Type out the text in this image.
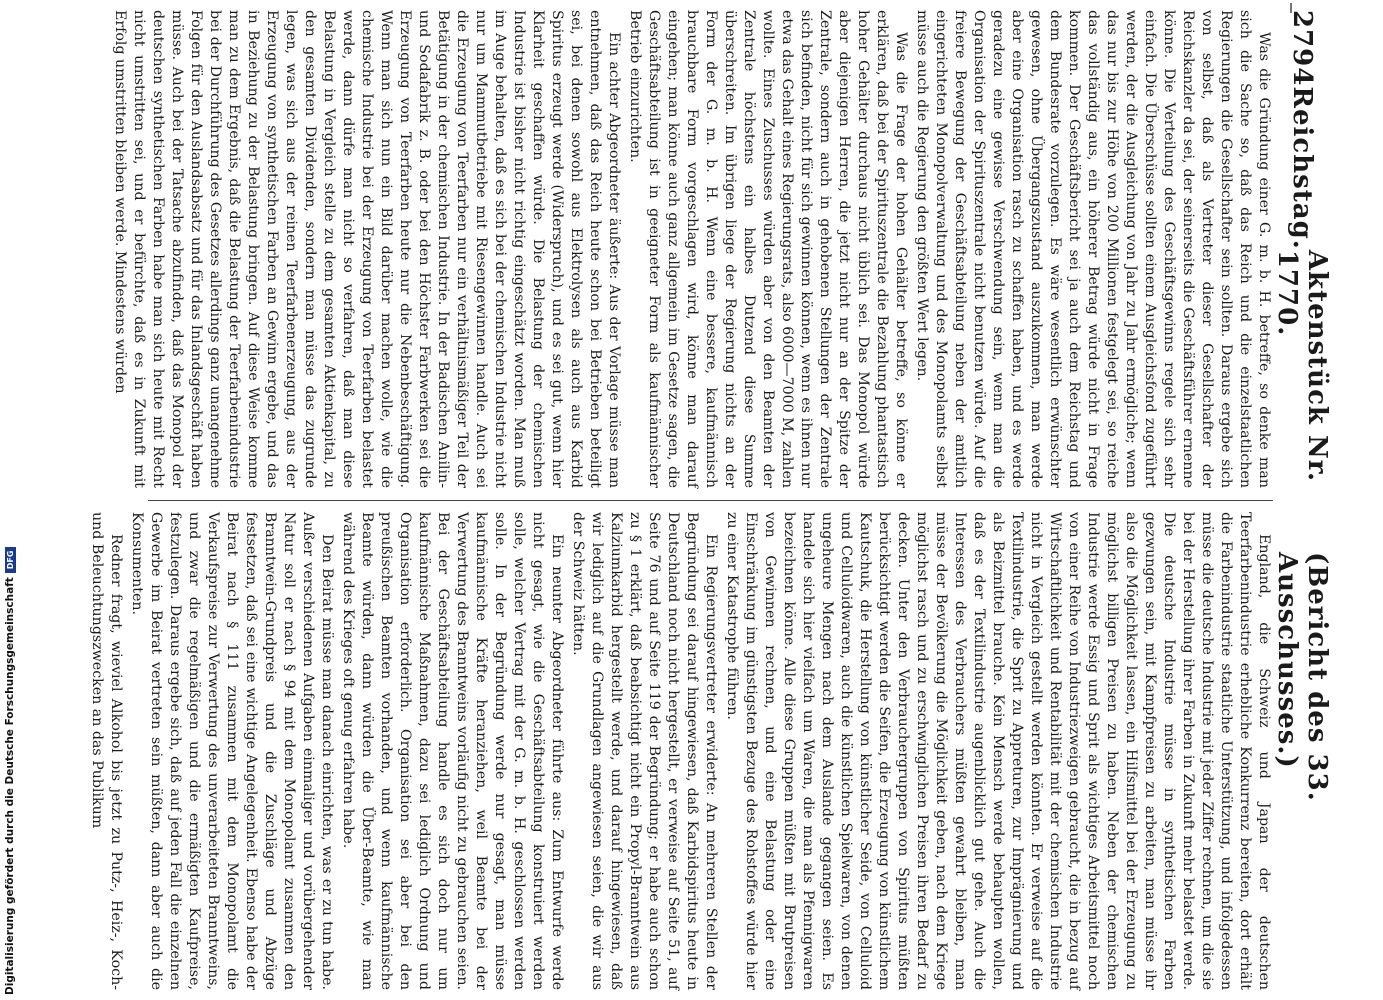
2794
Reichstag.
Aktenstück Nr. 1770.
(Bericht des 33. Ausschusses.)

Was die Gründung einer G. m. b. H. betreffe, so denke man sich die Sache so, daß das Reich und die einzelstaatlichen Regierungen die Gesellschafter sein sollten. Daraus ergebe sich von selbst, daß als Vertreter dieser Gesellschafter der Reichskanzler da sei, der seinerseits die Geschäftsführer ernenne könne. Die Verteilung des Geschäftsgewinns regele sich sehr einfach. Die Überschüsse sollten einem Ausgleichsfond zugeführt werden, der die Ausgleichung von Jahr zu Jahr ermögliche; wenn das nur bis zur Höhe von 200 Millionen festgelegt sei, so reiche das vollständig aus, ein höherer Betrag würde nicht in Frage kommen. Der Geschäftsbericht sei ja auch dem Reichstag und dem Bundesrate vorzulegen. Es wäre wesentlich erwünschter gewesen, ohne Übergangszustand auszukommen, man werde aber eine Organisation rasch zu schaffen haben, und es werde geradezu eine gewisse Verschwendung sein, wenn man die Organisation der Spirituszentrale nicht benutzen würde. Auf die freiere Bewegung der Geschäftsabteilung neben der amtlich eingerichteten Monopolverwaltung und des Monopolamts selbst müsse auch die Regierung den größten Wert legen.

Was die Frage der hohen Gehälter betreffe, so könne er erklären, daß bei der Spirituszentrale die Bezahlung phantastisch hoher Gehälter durchaus nicht üblich sei. Das Monopol würde aber diejenigen Herren, die jetzt nicht nur an der Spitze der Zentrale, sondern auch in gehobenen Stellungen der Zentrale sich befinden, nicht für sich gewinnen können, wenn es ihnen nur etwa das Gehalt eines Regierungsrats, also 6000—7000 M, zahlen wollte. Eines Zuschusses würden aber von den Beamten der Zentrale höchstens ein halbes Dutzend diese Summe überschreiten. Im übrigen liege der Regierung nichts an der Form der G. m. b. H. Wenn eine bessere, kaufmännisch brauchbare Form vorgeschlagen wird, könne man darauf eingehen; man könne auch ganz allgemein im Gesetze sagen, die Geschäftsabteilung ist in geeigneter Form als kaufmännischer Betrieb einzurichten.

Ein achter Abgeordneter äußerte: Aus der Vorlage müsse man entnehmen, daß das Reich heute schon bei Betrieben beteiligt sei, bei denen sowohl aus Elektrolysen als auch aus Karbid Spiritus erzeugt werde (Widerspruch), und es sei gut, wenn hier Klarheit geschaffen würde. Die Belastung der chemischen Industrie ist bisher nicht richtig eingeschätzt worden. Man muß im Auge behalten, daß es sich bei der chemischen Industrie nicht nur um Mammutbetriebe mit Riesengewinnen handle. Auch sei die Erzeugung von Teerfarben nur ein verhältnismäßiger Teil der Betätigung in der chemischen Industrie. In der Badischen Anilin- und Sodafabrik z. B. oder bei den Höchster Farbwerken sei die Erzeugung von Teerfarben heute nur die Nebenbeschäftigung. Wenn man sich nun ein Bild darüber machen wolle, wie die chemische Industrie bei der Erzeugung von Teerfarben belastet werde, dann dürfe man nicht so verfahren, daß man diese Belastung in Vergleich stelle zu dem gesamten Aktienkapital, zu den gesamten Dividenden, sondern man müsse das zugrunde legen, was sich aus der reinen Teerfarbenerzeugung, aus der Erzeugung von synthetischen Farben an Gewinn ergebe, und das in Beziehung zu der Belastung bringen. Auf diese Weise komme man zu dem Ergebnis, daß die Belastung der Teerfarbenindustrie bei der Durchführung des Gesetzes allerdings ganz unangenehme Folgen für den Auslandsabsatz und für das Inlandsgeschäft haben müsse. Auch bei der Tatsache abzufinden, daß das Monopol der deutschen synthetischen Farben habe man sich heute mit Recht nicht umstritten sei, und er befürchte, daß es in Zukunft mit Erfolg umstritten bleiben werde. Mindestens würden

England, die Schweiz und Japan der deutschen Teerfarbenindustrie erhebliche Konkurrenz bereiten, dort erhält die Farbenindustrie staatliche Unterstützung, und infolgedessen müsse die deutsche Industrie mit jeder Ziffer rechnen, um die sie bei der Herstellung ihrer Farben in Zukunft mehr belastet werde. Die deutsche Industrie müsse in synthetischen Farben gezwungen sein, mit Kampfpreisen zu arbeiten, man müsse ihr also die Möglichkeit lassen, ein Hilfsmittel bei der Erzeugung zu möglichst billigen Preisen zu haben. Neben der chemischen Industrie werde Essig und Sprit als wichtiges Arbeitsmittel noch von einer Reihe von Industriezweigen gebraucht, die in bezug auf Wirtschaftlichkeit und Rentabilität mit der chemischen Industrie nicht in Vergleich gestellt werden könnten. Er verweise auf die Textilindustrie, die Sprit zu Appreturen, zur Imprägnierung und als Beizmittel brauche. Kein Mensch werde behaupten wollen, daß es der Textilindustrie augenblicklich gut gehe. Auch die Interessen des Verbrauchers müßten gewahrt bleiben, man müsse der Bevölkerung die Möglichkeit geben, nach dem Kriege möglichst rasch und zu erschwinglichen Preisen ihren Bedarf zu decken. Unter den Verbrauchergruppen von Spiritus müßten berücksichtigt werden die Seifen, die Erzeugung von künstlichem Kautschuk, die Herstellung von künstlicher Seide, von Celluloid und Celluloidwaren, auch die künstlichen Spielwaren, von denen ungeheure Mengen nach dem Auslande gegangen seien. Es handele sich hier vielfach um Waren, die man als Pfennigwaren bezeichnen könne. Alle diese Gruppen müßten mit Brutpreisen von Gewinnen rechnen, und eine Belastung oder eine Einschränkung im günstigsten Bezuge des Rohstoffes würde hier zu einer Katastrophe führen.

Ein Regierungsvertreter erwiderte: An mehreren Stellen der Begründung sei darauf hingewiesen, daß Karbidspiritus heute in Deutschland noch nicht hergestellt, er verweise auf Seite 51, auf Seite 76 und auf Seite 119 der Begründung; er habe auch schon zu § 1 erklärt, daß beabsichtigt nicht ein Propyl-Branntwein aus Kalziumkarbid hergestellt werde, und darauf hingewiesen, daß wir lediglich auf die Grundlagen angewiesen seien, die wir aus der Schweiz hätten.

Ein neunter Abgeordneter führte aus: Zum Entwurfe werde nicht gesagt, wie die Geschäftsabteilung konstruiert werden solle, welcher Vertrag mit der G. m. b. H. geschlossen werden solle. In der Begründung werde nur gesagt, man müsse kaufmännische Kräfte heranziehen, weil Beamte bei der Verwertung des Branntweins vorläufig nicht zu gebrauchen seien. Bei der Geschäftsabteilung handle es sich doch nur um kaufmännische Maßnahmen, dazu sei lediglich Ordnung und Organisation erforderlich. Organisation sei aber bei den preußischen Beamten vorhanden, und wenn kaufmännische Beamte würden, dann würden die Über-Beamte, wie man während des Krieges oft genug erfahren habe.

Den Beirat müsse man danach einrichten, was er zu tun habe. Außer verschiedenen Aufgaben einmaliger und vorübergehender Natur soll er nach § 94 mit dem Monopolamt zusammen den Branntwein-Grundpreis und die Zuschläge und Abzüge festsetzen, daß sei eine wichtige Angelegenheit. Ebenso habe der Beirat nach § 111 zusammen mit dem Monopolamt die Verkaufspreise zur Verwertung des unverarbeiteten Branntweins, und zwar die regelmäßigen und die ermäßigten Kaufpreise, festzulegen. Daraus ergebe sich, daß auf jeden Fall die einzelnen Gewerbe im Beirat vertreten sein müßten, dann aber auch die Konsumenten.

Redner fragt, wieviel Alkohol bis jetzt zu Putz-, Heiz-, Koch- und Beleuchtungszwecken an das Publikum

Digitalisierung gefördert durch die Deutsche ForschungsgemeinschaftDFG
